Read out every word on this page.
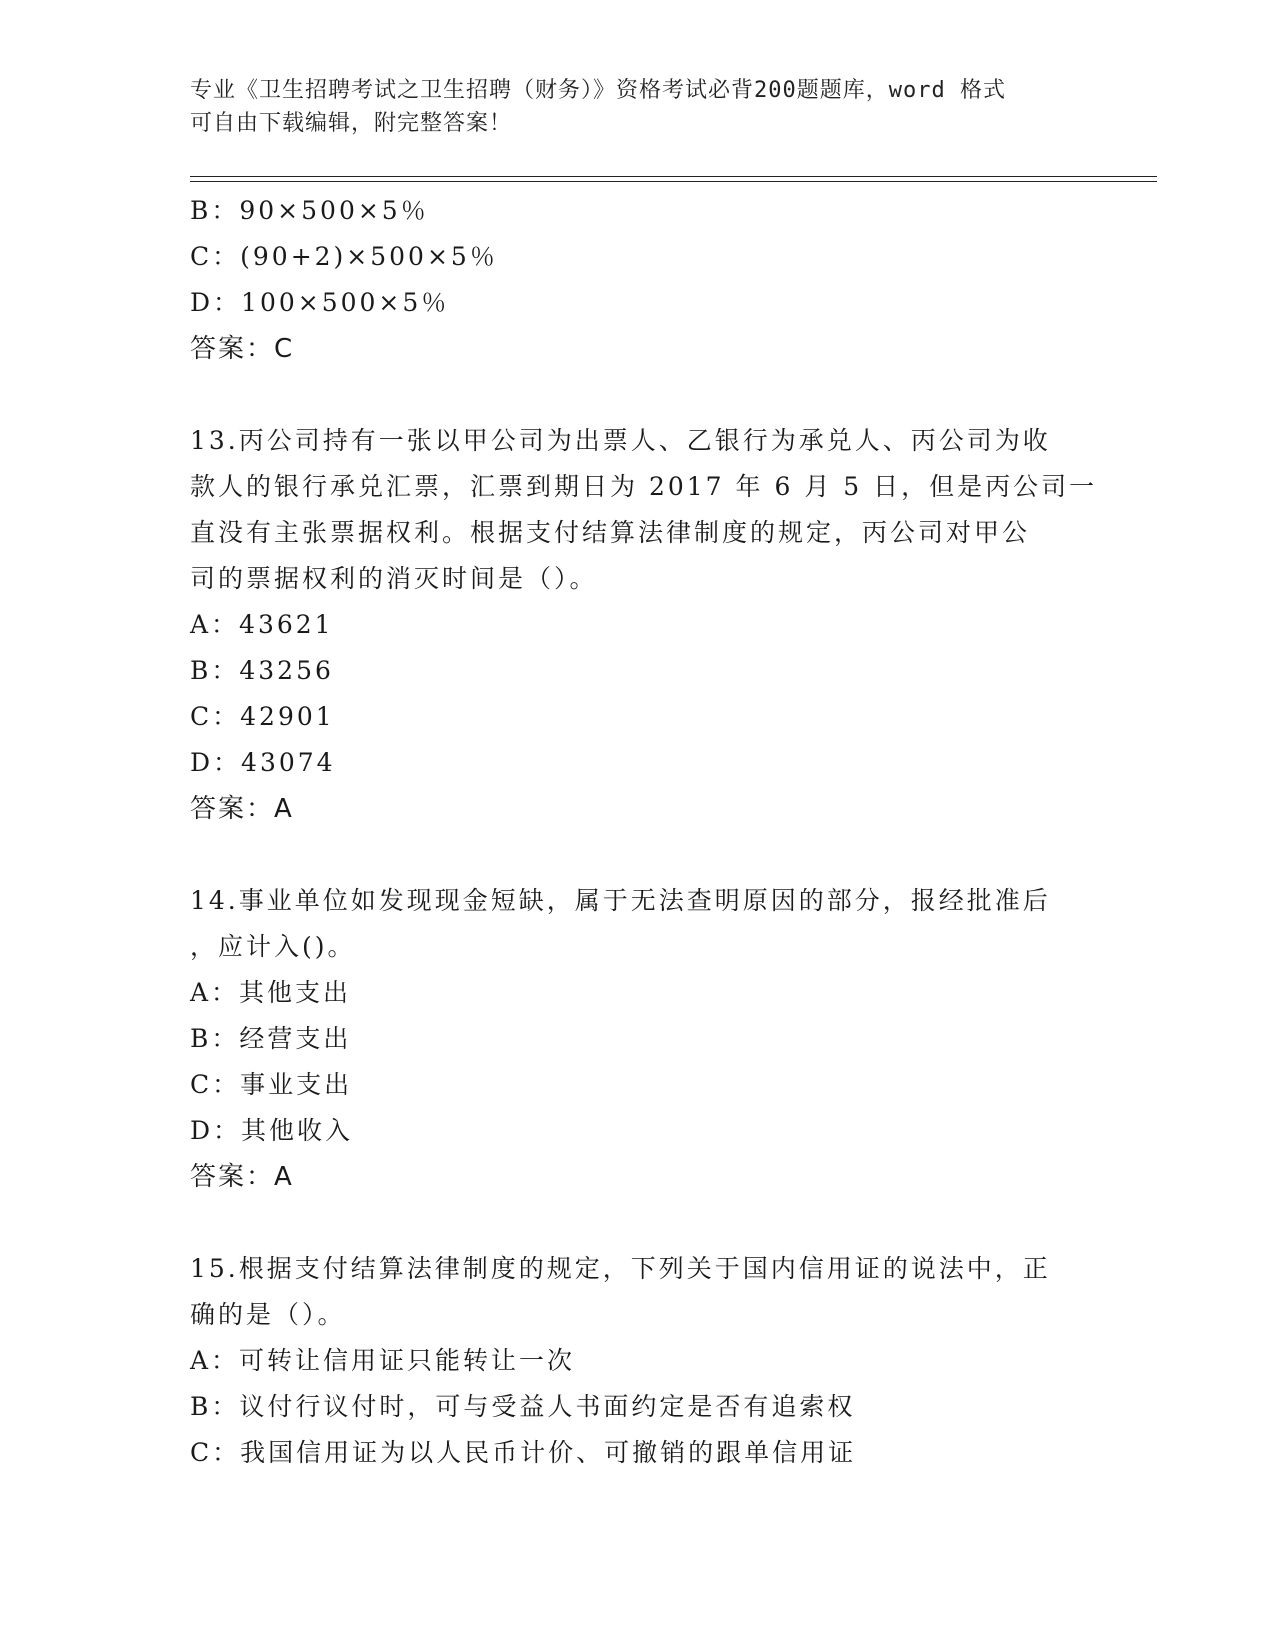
专业《卫生招聘考试之卫生招聘（财务）》资格考试必背200题题库，word 格式
可自由下载编辑，附完整答案！
B：90×500×5％
C：(90+2)×500×5％
D：100×500×5％
答案：C
13.丙公司持有一张以甲公司为出票人、乙银行为承兑人、丙公司为收
款人的银行承兑汇票，汇票到期日为 2017 年 6 月 5 日，但是丙公司一
直没有主张票据权利。根据支付结算法律制度的规定，丙公司对甲公
司的票据权利的消灭时间是（）。
A：43621
B：43256
C：42901
D：43074
答案：A
14.事业单位如发现现金短缺，属于无法查明原因的部分，报经批准后
，应计入()。
A：其他支出
B：经营支出
C：事业支出
D：其他收入
答案：A
15.根据支付结算法律制度的规定，下列关于国内信用证的说法中，正
确的是（）。
A：可转让信用证只能转让一次
B：议付行议付时，可与受益人书面约定是否有追索权
C：我国信用证为以人民币计价、可撤销的跟单信用证
